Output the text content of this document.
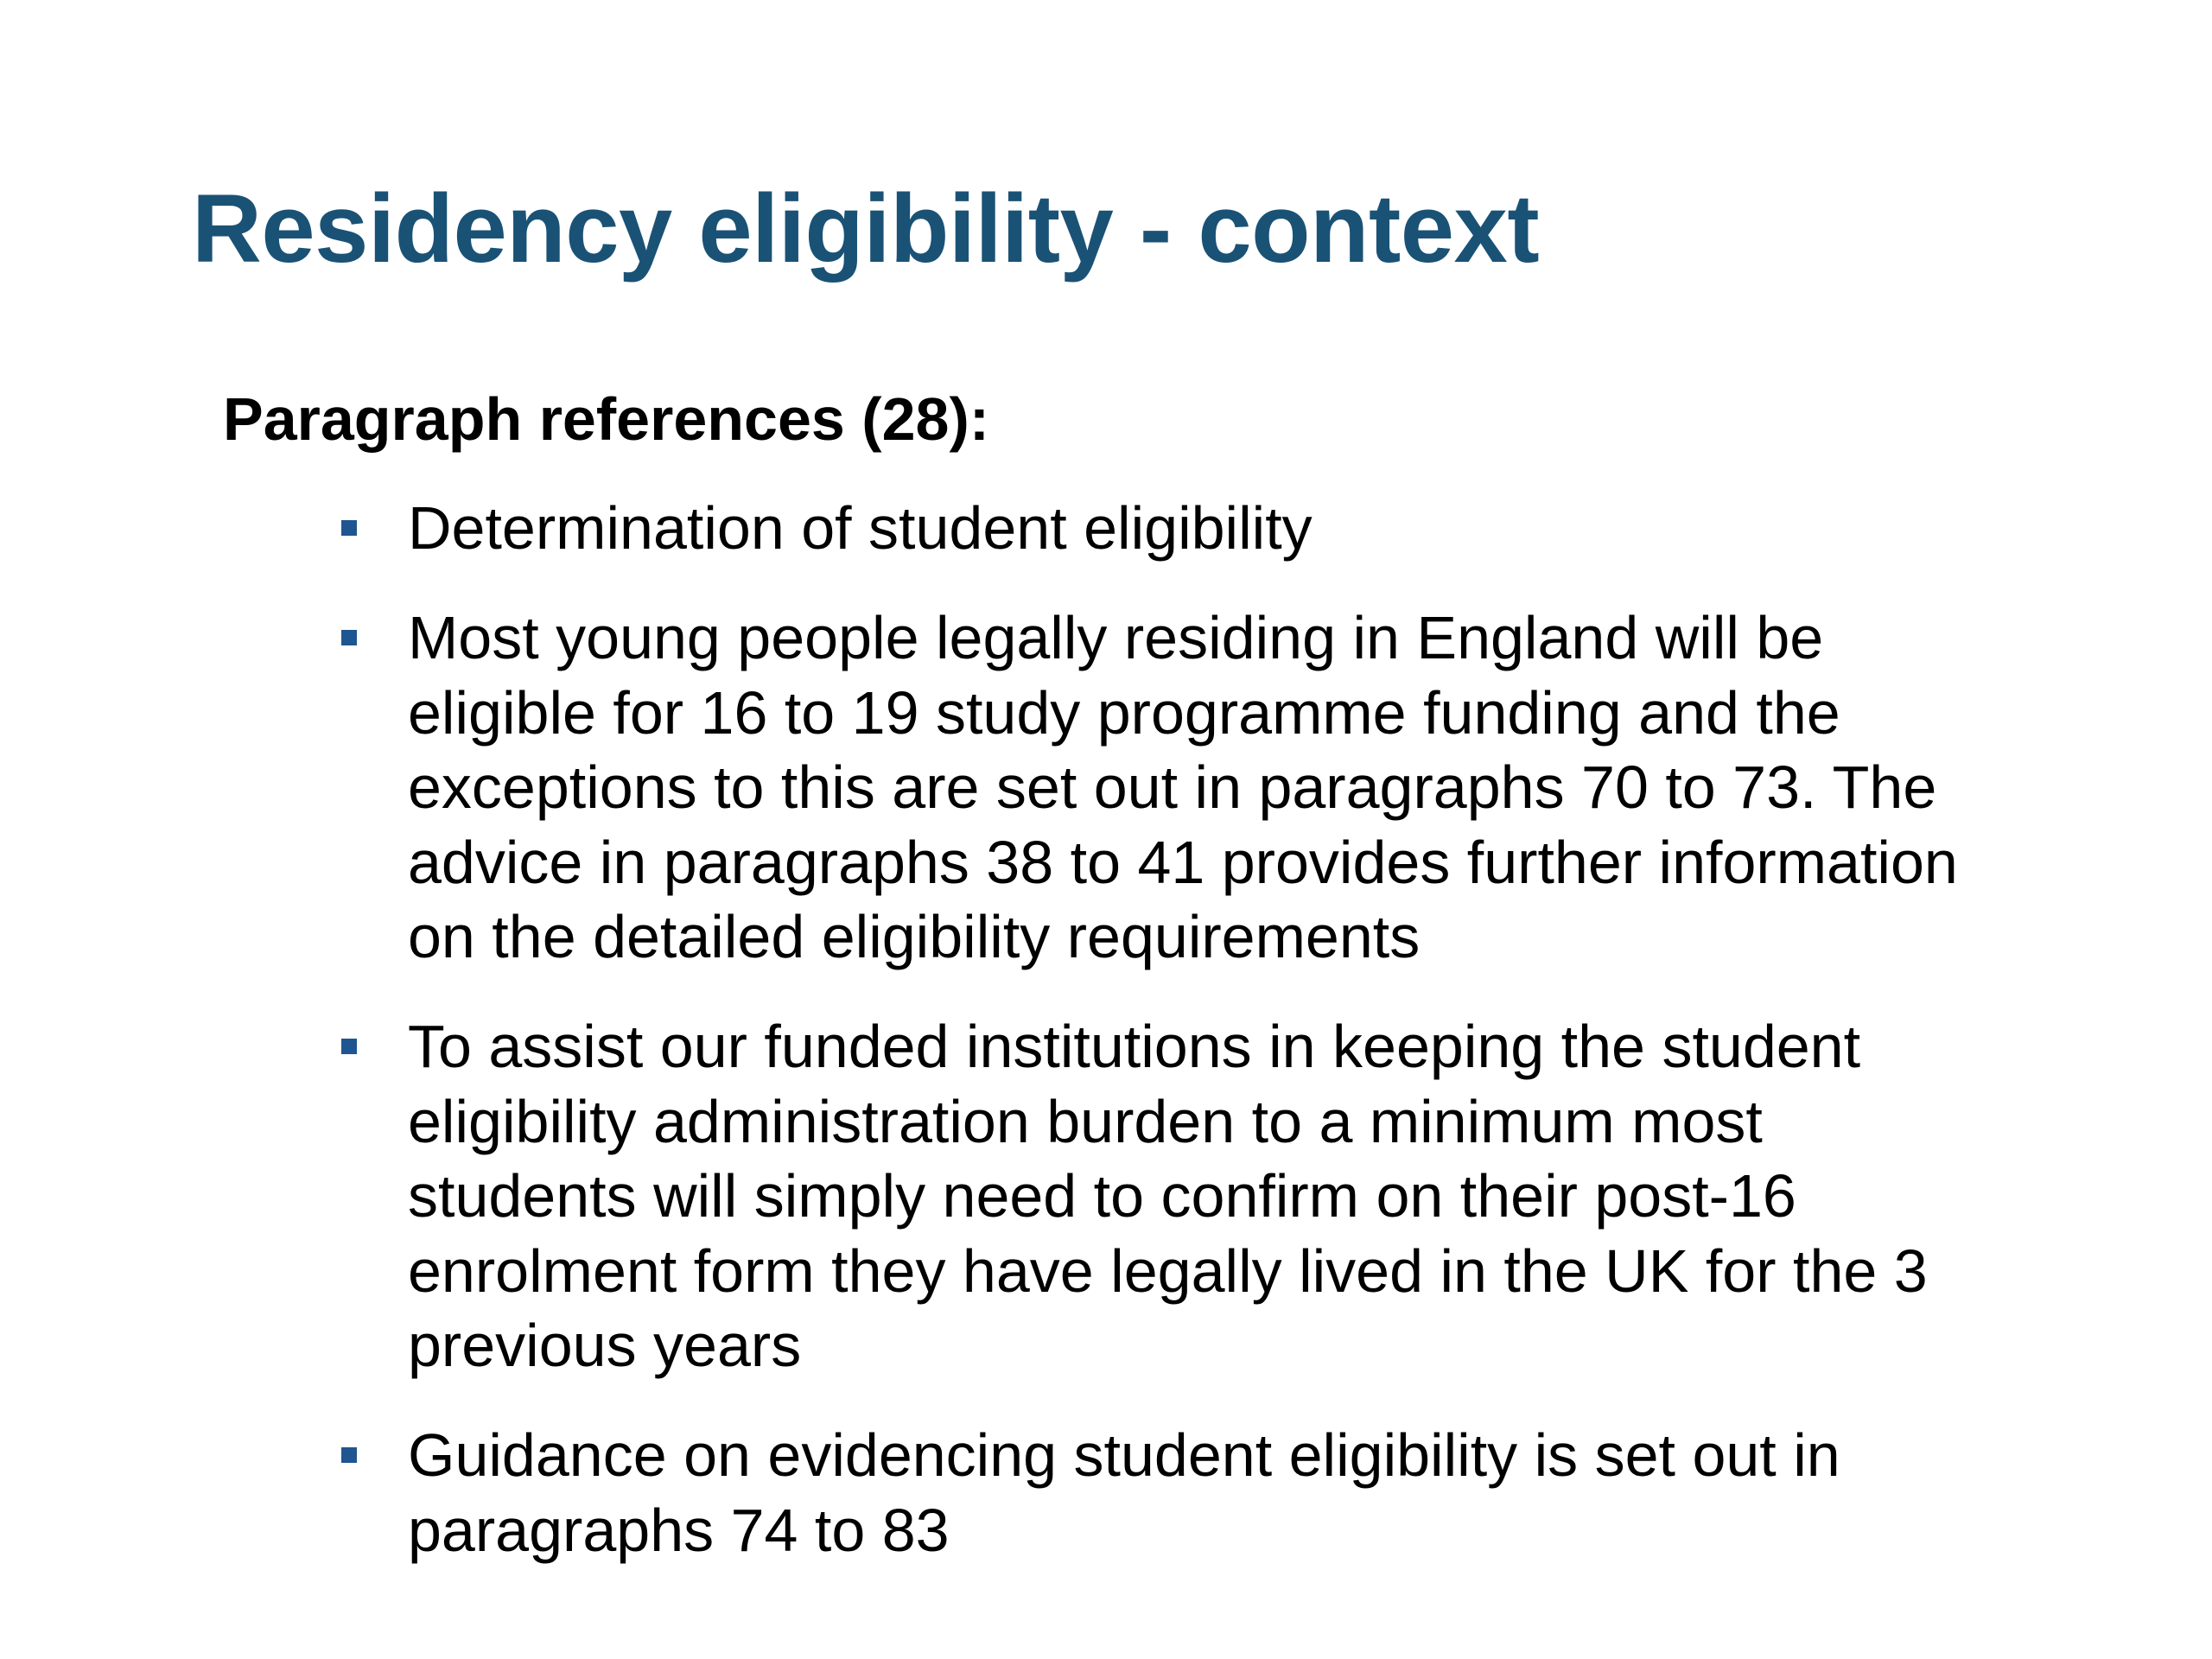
Residency eligibility - context
Paragraph references (28):

Determination of student eligibility

Most young people legally residing in England will be
eligible for 16 to 19 study programme funding and the
exceptions to this are set out in paragraphs 70 to 73. The
advice in paragraphs 38 to 41 provides further information
on the detailed eligibility requirements

To assist our funded institutions in keeping the student
eligibility administration burden to a minimum most
students will simply need to confirm on their post-16
enrolment form they have legally lived in the UK for the 3
previous years

Guidance on evidencing student eligibility is set out in
paragraphs 74 to 83
